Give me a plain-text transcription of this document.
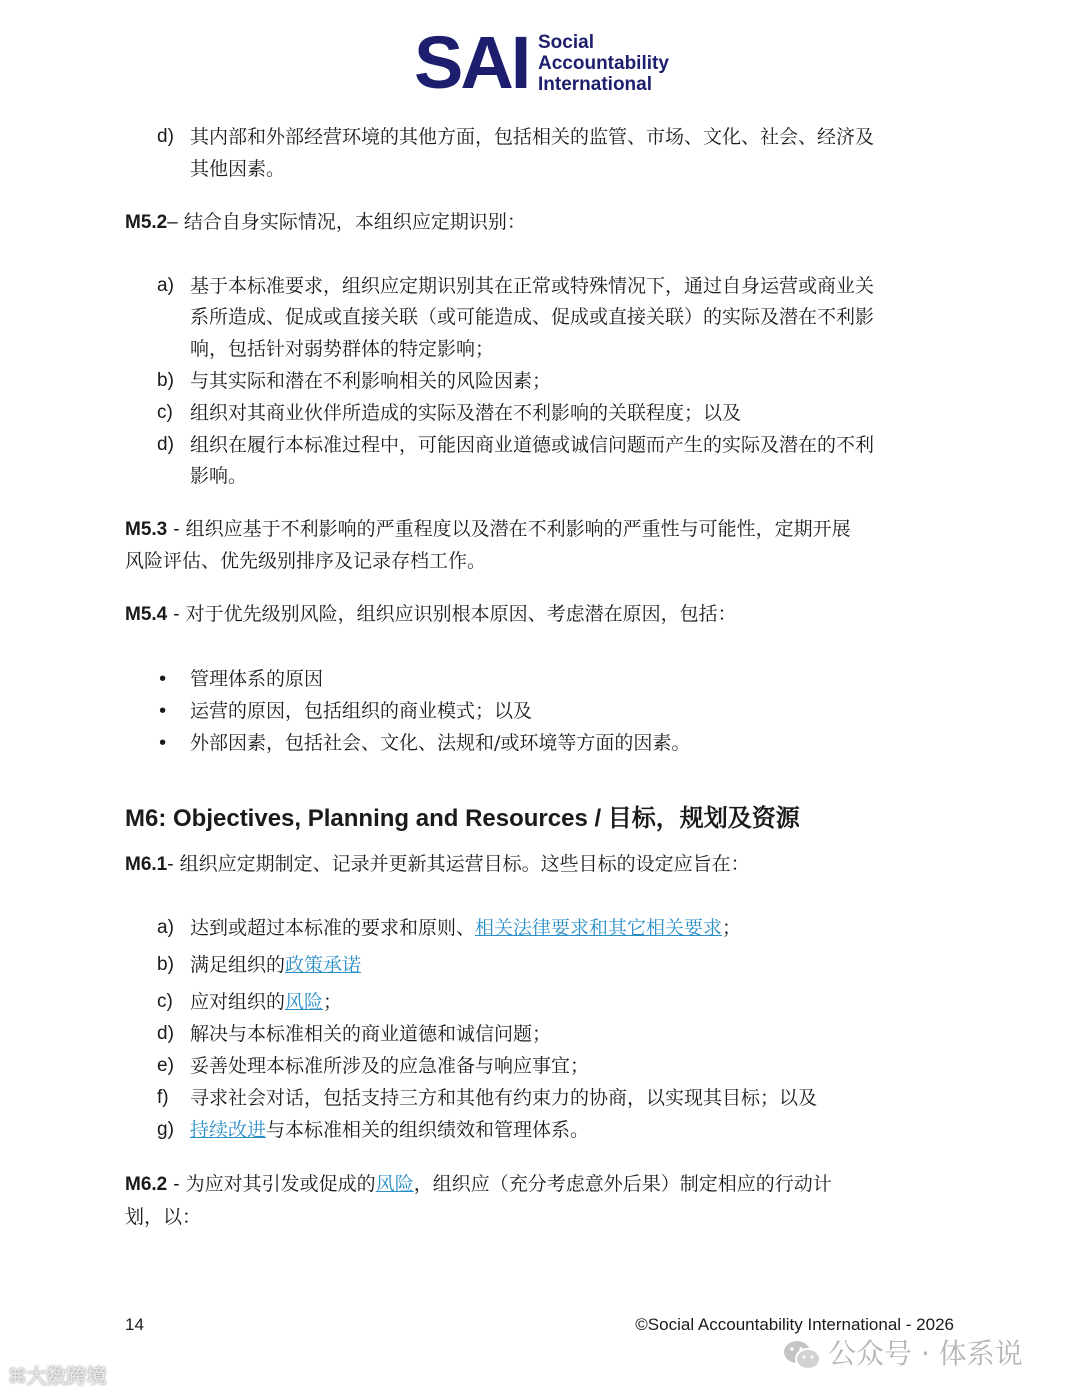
SAI Social
Accountability
International
d) 其内部和外部经营环境的其他方面，包括相关的监管、市场、文化、社会、经济及
其他因素。
M5.2– 结合自身实际情况，本组织应定期识别：
a) 基于本标准要求，组织应定期识别其在正常或特殊情况下，通过自身运营或商业关
系所造成、促成或直接关联（或可能造成、促成或直接关联）的实际及潜在不利影
响，包括针对弱势群体的特定影响；
b) 与其实际和潜在不利影响相关的风险因素；
c) 组织对其商业伙伴所造成的实际及潜在不利影响的关联程度；以及
d) 组织在履行本标准过程中，可能因商业道德或诚信问题而产生的实际及潜在的不利
影响。
M5.3 - 组织应基于不利影响的严重程度以及潜在不利影响的严重性与可能性，定期开展
风险评估、优先级别排序及记录存档工作。
M5.4 - 对于优先级别风险，组织应识别根本原因、考虑潜在原因，包括：
• 管理体系的原因
• 运营的原因，包括组织的商业模式；以及
• 外部因素，包括社会、文化、法规和/或环境等方面的因素。
M6: Objectives, Planning and Resources / 目标，规划及资源
M6.1- 组织应定期制定、记录并更新其运营目标。这些目标的设定应旨在：
a) 达到或超过本标准的要求和原则、相关法律要求和其它相关要求；
b) 满足组织的政策承诺
c) 应对组织的风险；
d) 解决与本标准相关的商业道德和诚信问题；
e) 妥善处理本标准所涉及的应急准备与响应事宜；
f) 寻求社会对话，包括支持三方和其他有约束力的协商，以实现其目标；以及
g) 持续改进与本标准相关的组织绩效和管理体系。
M6.2 - 为应对其引发或促成的风险，组织应（充分考虑意外后果）制定相应的行动计
划，以：
14	©Social Accountability International - 2026
公众号 · 体系说
⌘大数跨境
